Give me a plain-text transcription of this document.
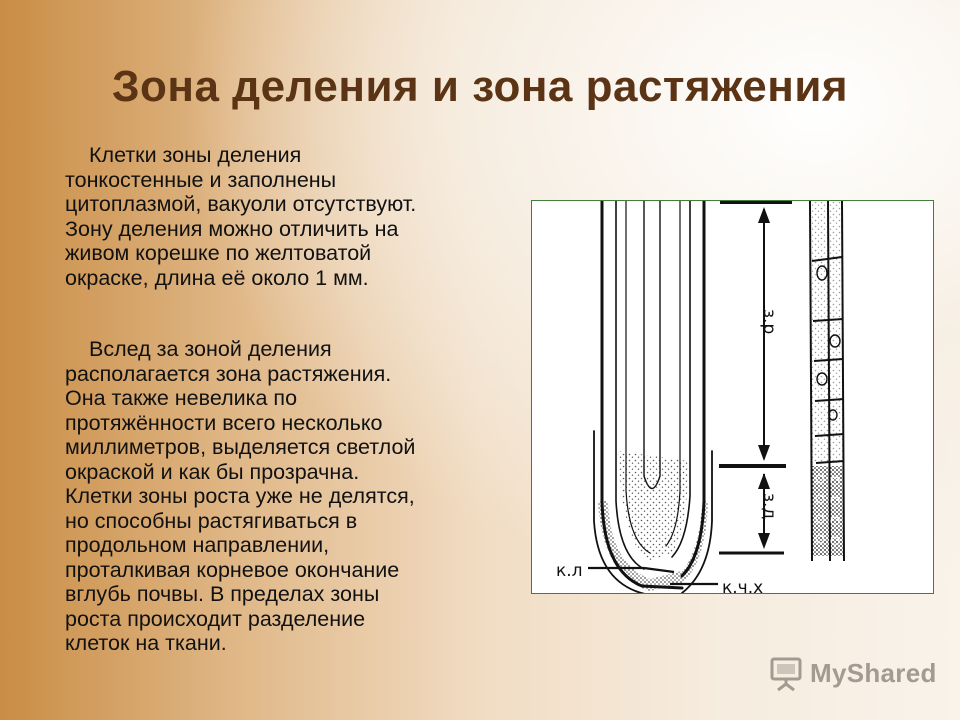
Зона деления и зона растяжения
Клетки зоны деления
тонкостенные и заполнены
цитоплазмой, вакуоли отсутствуют.
Зону деления можно отличить на
живом корешке по желтоватой
окраске, длина её около 1 мм.
Вслед за зоной деления
располагается зона растяжения.
Она также невелика по
протяжённости всего несколько
миллиметров, выделяется светлой
окраской и как бы прозрачна.
Клетки зоны роста уже не делятся,
но способны растягиваться в
продольном направлении,
проталкивая корневое окончание
вглубь почвы. В пределах зоны
роста происходит разделение
клеток на ткани.
з.р
з.д
к.л
к.ч.х
MyShared
